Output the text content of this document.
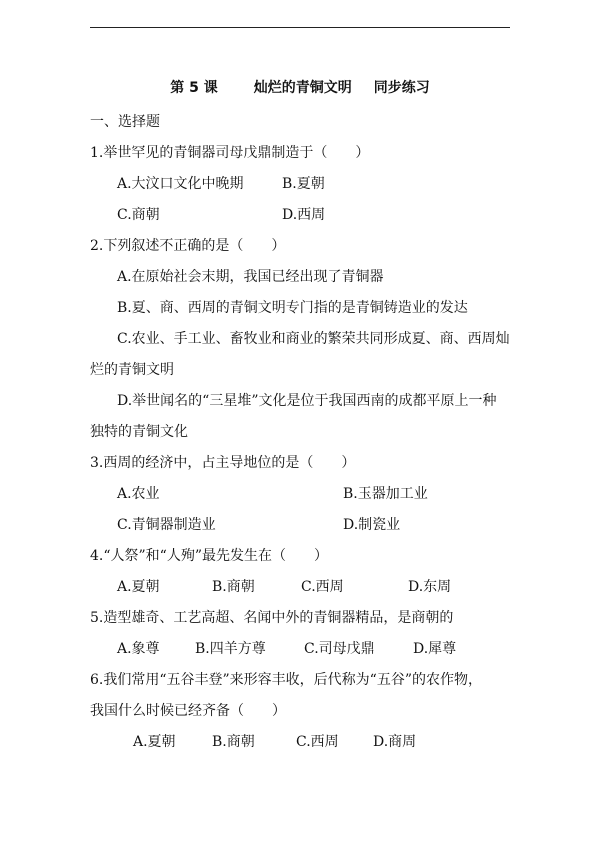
第 5 课	灿烂的青铜文明 同步练习
一、选择题
1.举世罕见的青铜器司母戊鼎制造于（　　）
A.大汶口文化中晚期	B.夏朝
C.商朝	D.西周
2.下列叙述不正确的是（　　）
A.在原始社会末期，我国已经出现了青铜器
B.夏、商、西周的青铜文明专门指的是青铜铸造业的发达
C.农业、手工业、畜牧业和商业的繁荣共同形成夏、商、西周灿
烂的青铜文明
D.举世闻名的“三星堆”文化是位于我国西南的成都平原上一种
独特的青铜文化
3.西周的经济中，占主导地位的是（　　）
A.农业	B.玉器加工业
C.青铜器制造业	D.制瓷业
4.“人祭”和“人殉”最先发生在（　　）
A.夏朝	B.商朝	C.西周	D.东周
5.造型雄奇、工艺高超、名闻中外的青铜器精品，是商朝的
A.象尊	B.四羊方尊	C.司母戊鼎	D.犀尊
6.我们常用“五谷丰登”来形容丰收，后代称为“五谷”的农作物，
我国什么时候已经齐备（　　）
A.夏朝	B.商朝	C.西周 D.商周
